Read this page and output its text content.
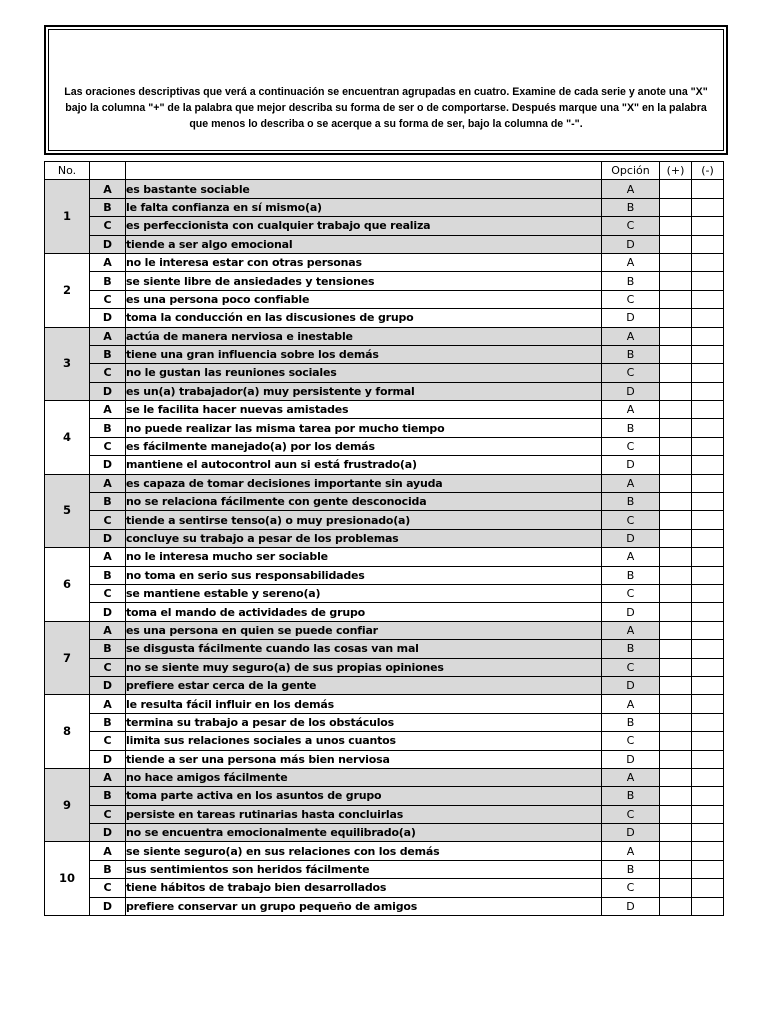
Las oraciones descriptivas que verá a continuación se encuentran agrupadas en cuatro. Examine de cada serie y anote una "X" bajo la columna "+" de la palabra que mejor describa su forma de ser o de comportarse. Después marque una "X" en la palabra que menos lo describa o se acerque a su forma de ser, bajo la columna de "-".
No.			Opción	(+)	(-)
1	A	es bastante sociable	A		
	B	le falta confianza en sí mismo(a)	B		
	C	es perfeccionista con cualquier trabajo que realiza	C		
	D	tiende a ser algo emocional	D		
2	A	no le interesa estar con otras personas	A		
	B	se siente libre de ansiedades y tensiones	B		
	C	es una persona poco confiable	C		
	D	toma la conducción en las discusiones de grupo	D		
3	A	actúa de manera nerviosa e inestable	A		
	B	tiene una gran influencia sobre los demás	B		
	C	no le gustan las reuniones sociales	C		
	D	es un(a) trabajador(a) muy persistente y formal	D		
4	A	se le facilita hacer nuevas amistades	A		
	B	no puede realizar las misma tarea por mucho tiempo	B		
	C	es fácilmente manejado(a) por los demás	C		
	D	mantiene el autocontrol aun si está frustrado(a)	D		
5	A	es capaza de tomar decisiones importante sin ayuda	A		
	B	no se relaciona fácilmente con gente desconocida	B		
	C	tiende a sentirse tenso(a) o muy presionado(a)	C		
	D	concluye su trabajo a pesar de los problemas	D		
6	A	no le interesa mucho ser sociable	A		
	B	no toma en serio sus responsabilidades	B		
	C	se mantiene estable y sereno(a)	C		
	D	toma el mando de actividades de grupo	D		
7	A	es una persona en quien se puede confiar	A		
	B	se disgusta fácilmente cuando las cosas van mal	B		
	C	no se siente muy seguro(a) de sus propias opiniones	C		
	D	prefiere estar cerca de la gente	D		
8	A	le resulta fácil influir en los demás	A		
	B	termina su trabajo a pesar de los obstáculos	B		
	C	limita sus relaciones sociales a unos cuantos	C		
	D	tiende a ser una persona más bien nerviosa	D		
9	A	no hace amigos fácilmente	A		
	B	toma parte activa en los asuntos de grupo	B		
	C	persiste en tareas rutinarias hasta concluirlas	C		
	D	no se encuentra emocionalmente equilibrado(a)	D		
10	A	se siente seguro(a) en sus relaciones con los demás	A		
	B	sus sentimientos son heridos fácilmente	B		
	C	tiene hábitos de trabajo bien desarrollados	C		
	D	prefiere conservar un grupo pequeño de amigos	D		
